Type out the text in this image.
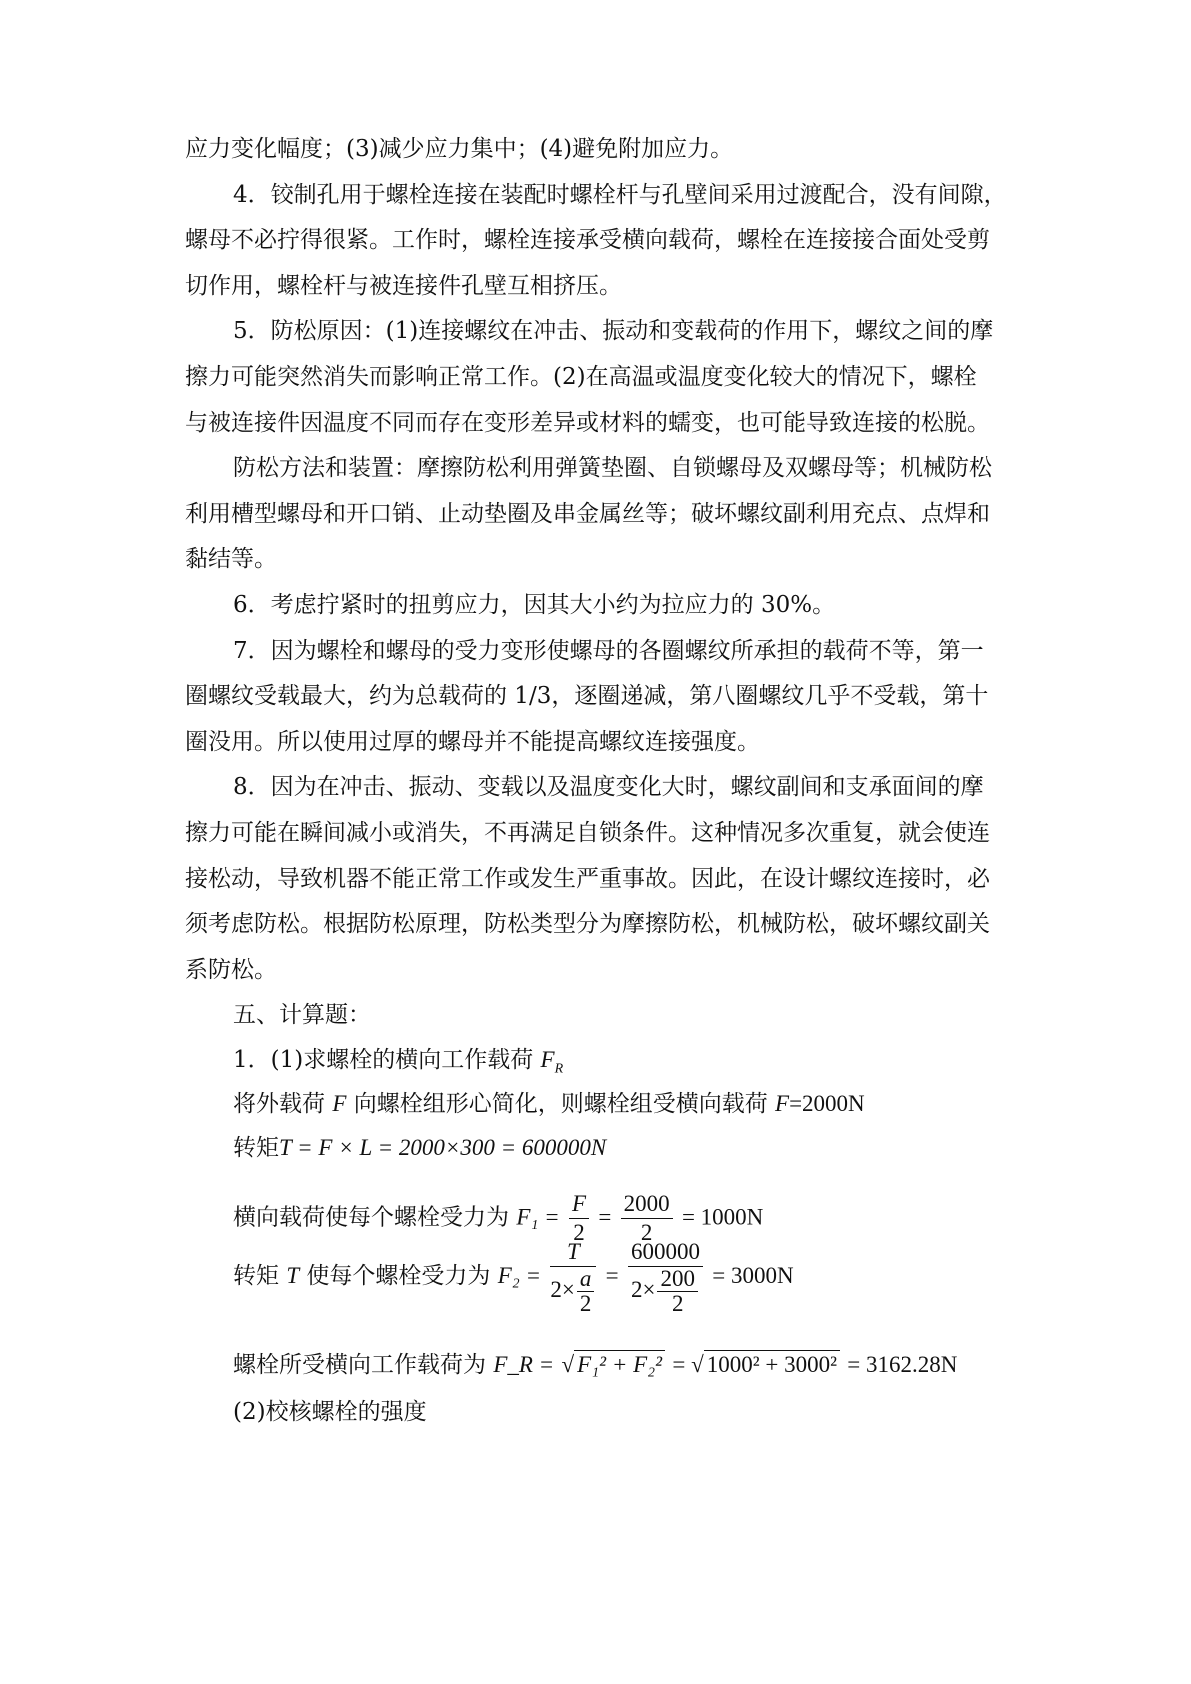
应力变化幅度；(3)减少应力集中；(4)避免附加应力。
4．铰制孔用于螺栓连接在装配时螺栓杆与孔壁间采用过渡配合，没有间隙，
螺母不必拧得很紧。工作时，螺栓连接承受横向载荷，螺栓在连接接合面处受剪
切作用，螺栓杆与被连接件孔壁互相挤压。
5．防松原因：(1)连接螺纹在冲击、振动和变载荷的作用下，螺纹之间的摩
擦力可能突然消失而影响正常工作。(2)在高温或温度变化较大的情况下，螺栓
与被连接件因温度不同而存在变形差异或材料的蠕变，也可能导致连接的松脱。
防松方法和装置：摩擦防松利用弹簧垫圈、自锁螺母及双螺母等；机械防松
利用槽型螺母和开口销、止动垫圈及串金属丝等；破坏螺纹副利用充点、点焊和
黏结等。
6．考虑拧紧时的扭剪应力，因其大小约为拉应力的 30%。
7．因为螺栓和螺母的受力变形使螺母的各圈螺纹所承担的载荷不等，第一
圈螺纹受载最大，约为总载荷的 1/3，逐圈递减，第八圈螺纹几乎不受载，第十
圈没用。所以使用过厚的螺母并不能提高螺纹连接强度。
8．因为在冲击、振动、变载以及温度变化大时，螺纹副间和支承面间的摩
擦力可能在瞬间减小或消失，不再满足自锁条件。这种情况多次重复，就会使连
接松动，导致机器不能正常工作或发生严重事故。因此，在设计螺纹连接时，必
须考虑防松。根据防松原理，防松类型分为摩擦防松，机械防松，破坏螺纹副关
系防松。
五、计算题：
1．(1)求螺栓的横向工作载荷 $F_R$
将外载荷 F 向螺栓组形心简化，则螺栓组受横向载荷 F=2000N
转矩T = F × L = 2000×300 = 600000N
横向载荷使每个螺栓受力为 $F_1 = \frac{F}{2} = \frac{2000}{2} = 1000N$
转矩 T 使每个螺栓受力为 $F_2 = \frac{T}{2\times \frac{a}{2}} = \frac{600000}{2\times \frac{200}{2}} = 3000N$
螺栓所受横向工作载荷为 F_R = √ F₁² + F₂² = √ 1000² + 3000² = 3162.28N
(2)校核螺栓的强度
